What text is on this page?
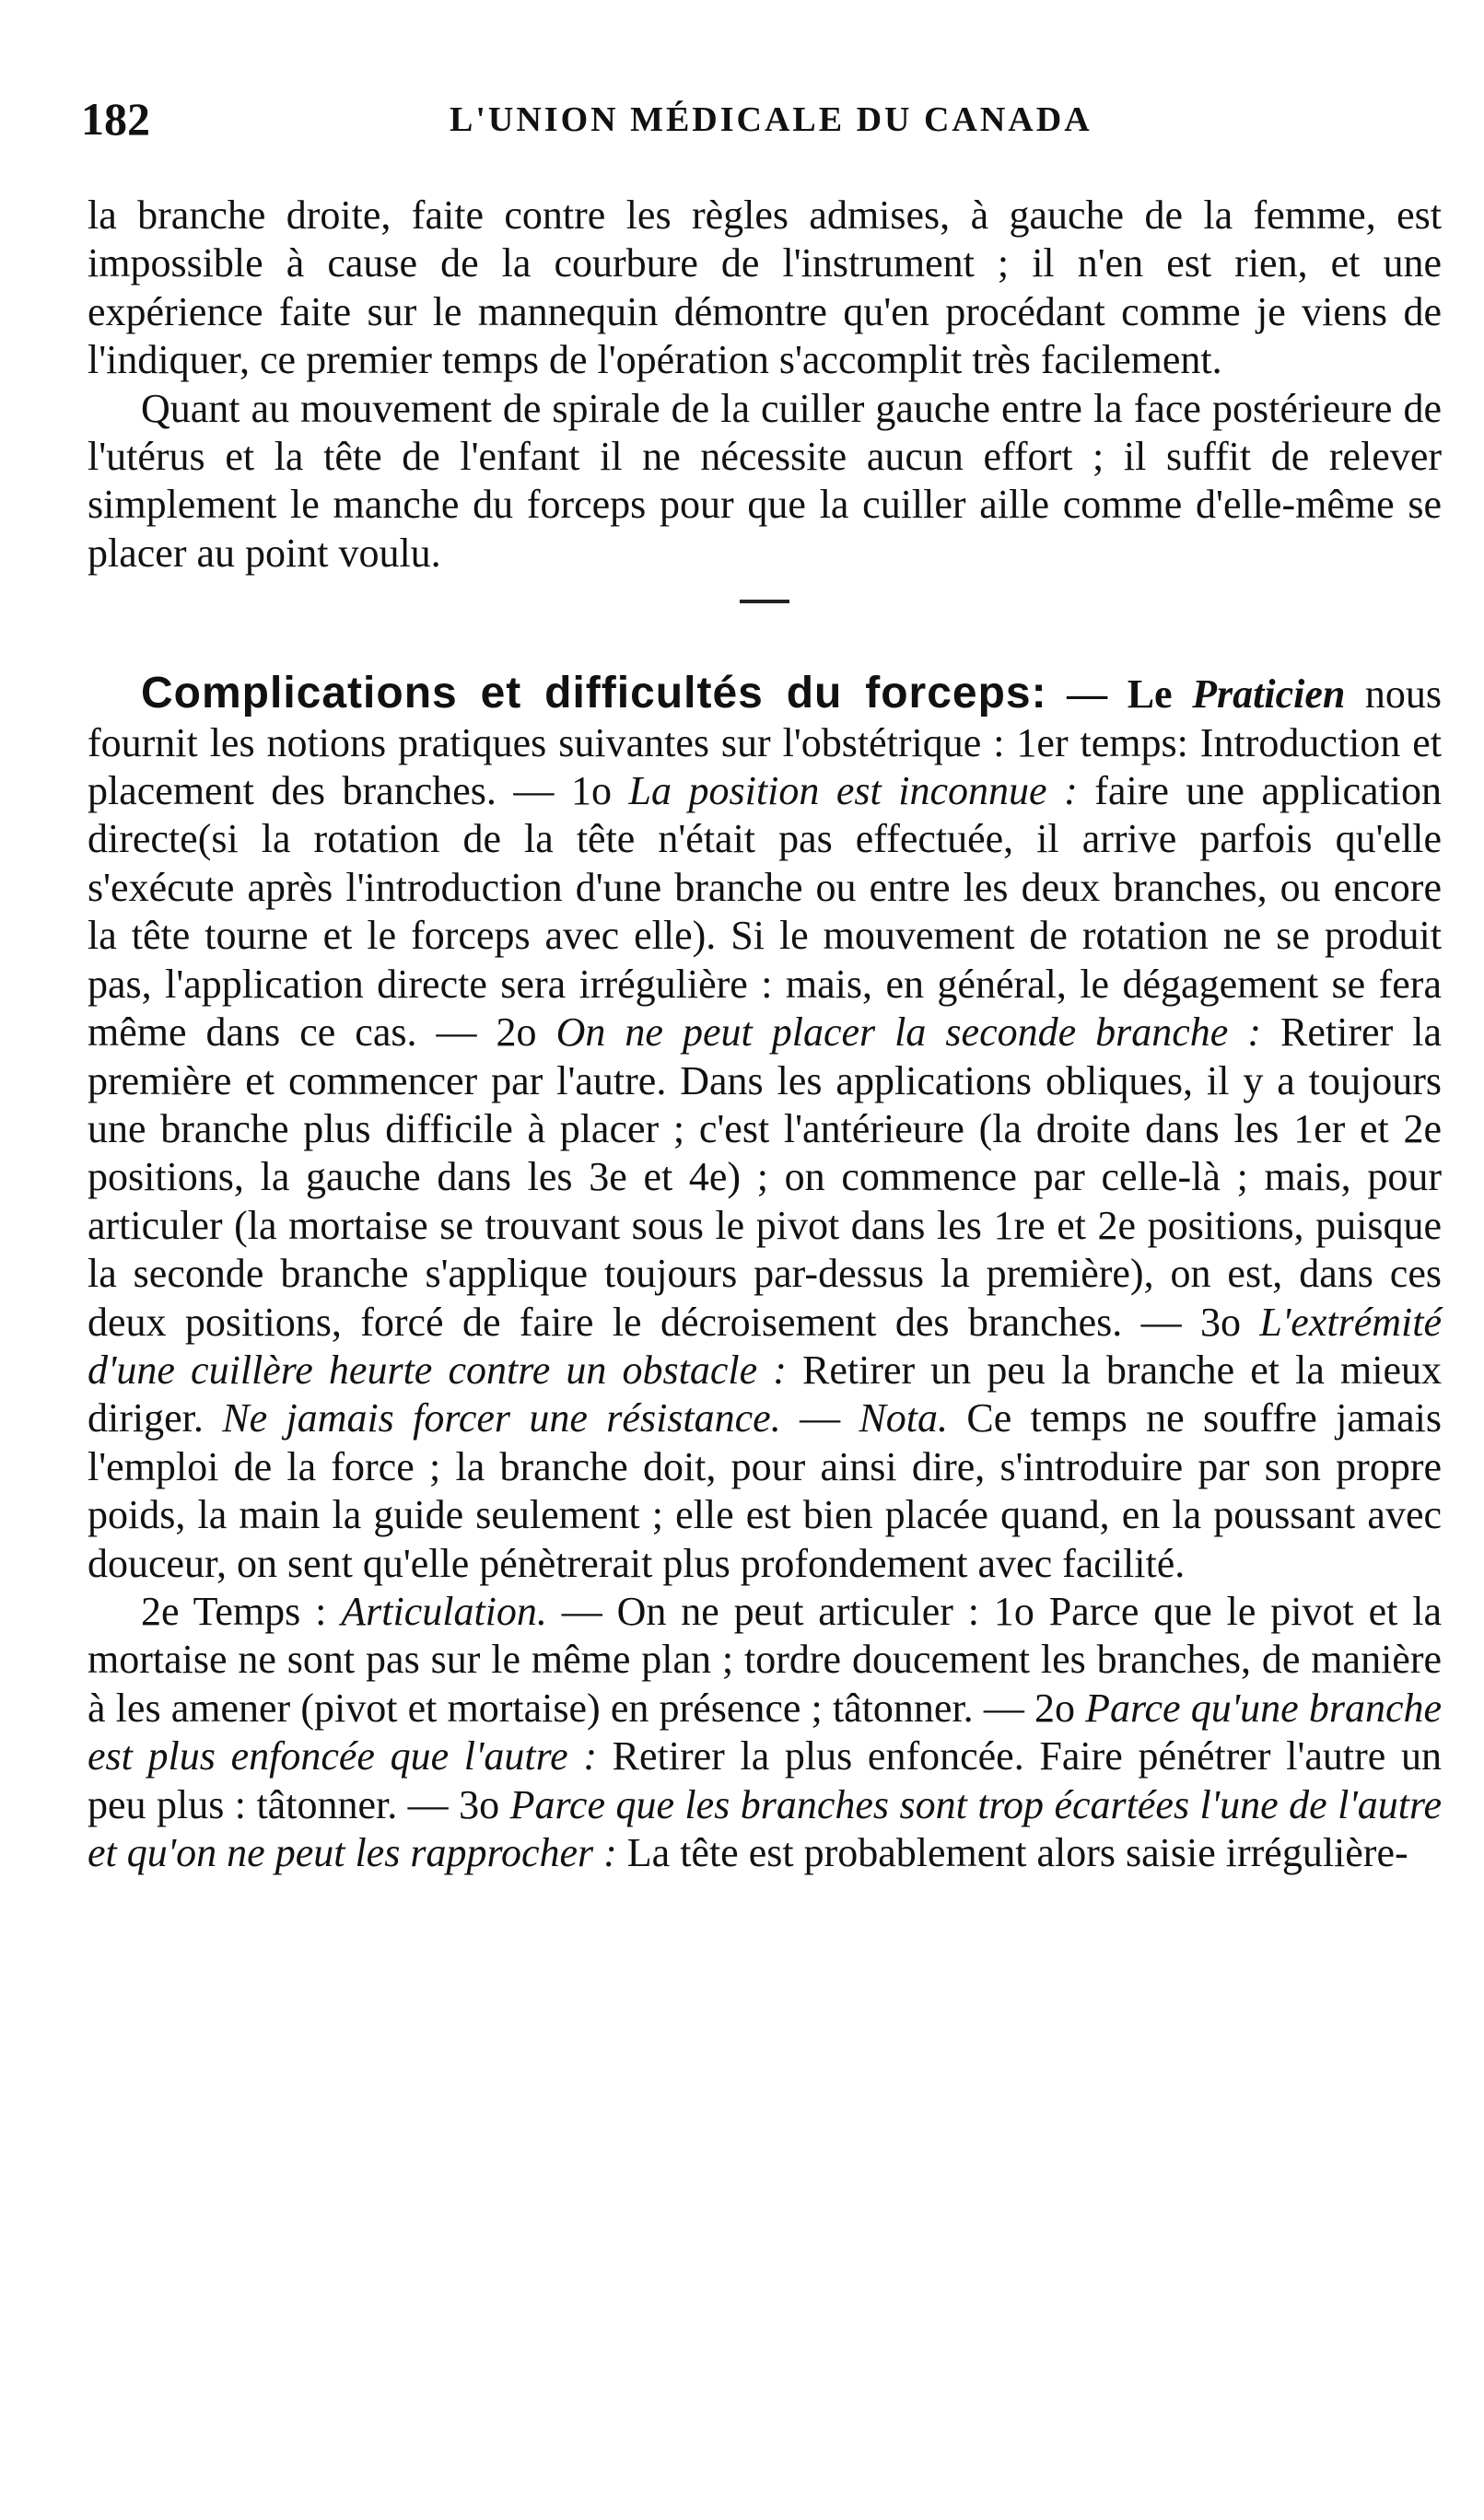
182	L'UNION MÉDICALE DU CANADA

la branche droite, faite contre les règles admises, à gauche de la femme, est impossible à cause de la courbure de l'instrument ; il n'en est rien, et une expérience faite sur le mannequin démontre qu'en procédant comme je viens de l'indiquer, ce premier temps de l'opération s'accomplit très facilement.

Quant au mouvement de spirale de la cuiller gauche entre la face postérieure de l'utérus et la tête de l'enfant il ne nécessite aucun effort ; il suffit de relever simplement le manche du forceps pour que la cuiller aille comme d'elle-même se placer au point voulu.

Complications et difficultés du forceps: — Le Praticien nous fournit les notions pratiques suivantes sur l'obstétrique : 1er temps: Introduction et placement des branches. — 1o La position est inconnue : faire une application directe(si la rotation de la tête n'était pas effectuée, il arrive parfois qu'elle s'exécute après l'introduction d'une branche ou entre les deux branches, ou encore la tête tourne et le forceps avec elle). Si le mouvement de rotation ne se produit pas, l'application directe sera irrégulière : mais, en général, le dégagement se fera même dans ce cas. — 2o On ne peut placer la seconde branche : Retirer la première et commencer par l'autre. Dans les applications obliques, il y a toujours une branche plus difficile à placer ; c'est l'antérieure (la droite dans les 1er et 2e positions, la gauche dans les 3e et 4e) ; on commence par celle-là ; mais, pour articuler (la mortaise se trouvant sous le pivot dans les 1re et 2e positions, puisque la seconde branche s'applique toujours par-dessus la première), on est, dans ces deux positions, forcé de faire le décroisement des branches. — 3o L'extrémité d'une cuillère heurte contre un obstacle : Retirer un peu la branche et la mieux diriger. Ne jamais forcer une résistance. — Nota. Ce temps ne souffre jamais l'emploi de la force ; la branche doit, pour ainsi dire, s'introduire par son propre poids, la main la guide seulement ; elle est bien placée quand, en la poussant avec douceur, on sent qu'elle pénètrerait plus profondement avec facilité.

2e Temps : Articulation. — On ne peut articuler : 1o Parce que le pivot et la mortaise ne sont pas sur le même plan ; tordre doucement les branches, de manière à les amener (pivot et mortaise) en présence ; tâtonner. — 2o Parce qu'une branche est plus enfoncée que l'autre : Retirer la plus enfoncée. Faire pénétrer l'autre un peu plus : tâtonner. — 3o Parce que les branches sont trop écartées l'une de l'autre et qu'on ne peut les rapprocher : La tête est probablement alors saisie irrégulière-
